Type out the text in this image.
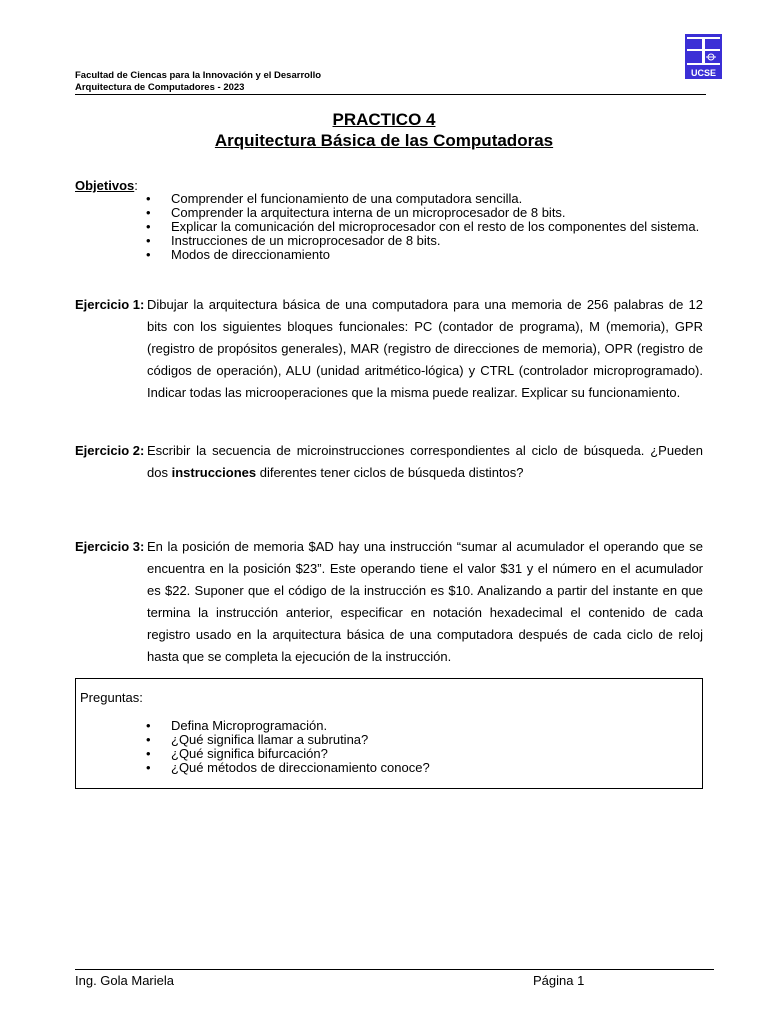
Facultad de Ciencas para la Innovación y el Desarrollo
Arquitectura de Computadores - 2023
UCSE
PRACTICO 4
Arquitectura Básica de las Computadoras
Objetivos:
• Comprender el funcionamiento de una computadora sencilla.
• Comprender la arquitectura interna de un microprocesador de 8 bits.
• Explicar la comunicación del microprocesador con el resto de los componentes del sistema.
• Instrucciones de un microprocesador de 8 bits.
• Modos de direccionamiento
Ejercicio 1: Dibujar la arquitectura básica de una computadora para una memoria de 256 palabras de 12 bits con los siguientes bloques funcionales: PC (contador de programa), M (memoria), GPR (registro de propósitos generales), MAR (registro de direcciones de memoria), OPR (registro de códigos de operación), ALU (unidad aritmético-lógica) y CTRL (controlador microprogramado). Indicar todas las microoperaciones que la misma puede realizar. Explicar su funcionamiento.
Ejercicio 2: Escribir la secuencia de microinstrucciones correspondientes al ciclo de búsqueda. ¿Pueden dos instrucciones diferentes tener ciclos de búsqueda distintos?
Ejercicio 3: En la posición de memoria $AD hay una instrucción “sumar al acumulador el operando que se encuentra en la posición $23”. Este operando tiene el valor $31 y el número en el acumulador es $22. Suponer que el código de la instrucción es $10. Analizando a partir del instante en que termina la instrucción anterior, especificar en notación hexadecimal el contenido de cada registro usado en la arquitectura básica de una computadora después de cada ciclo de reloj hasta que se completa la ejecución de la instrucción.
Preguntas:
• Defina Microprogramación.
• ¿Qué significa llamar a subrutina?
• ¿Qué significa bifurcación?
• ¿Qué métodos de direccionamiento conoce?
Ing. Gola Mariela	Página 1
